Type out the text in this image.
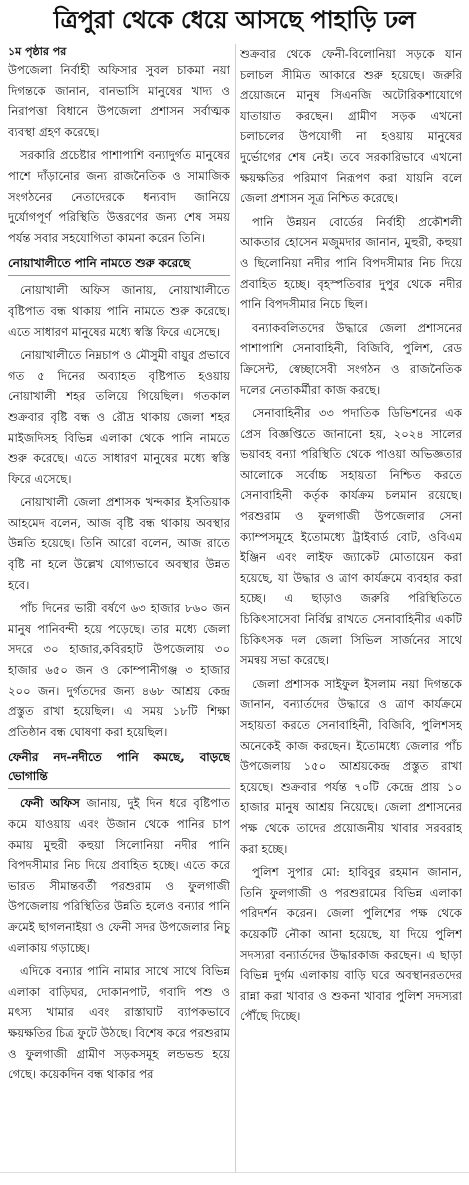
ত্রিপুরা থেকে ধেয়ে আসছে পাহাড়ি ঢল

১ম পৃষ্ঠার পর
উপজেলা নির্বাহী অফিসার সুবল চাকমা নয়া দিগন্তকে জানান, বানভাসি মানুষের খাদ্য ও নিরাপত্তা বিধানে উপজেলা প্রশাসন সর্বাত্মক ব্যবস্থা গ্রহণ করেছে।

সরকারি প্রচেষ্টার পাশাপাশি বন্যাদুর্গত মানুষের পাশে দাঁড়ানোর জন্য রাজনৈতিক ও সামাজিক সংগঠনের নেতাদেরকে ধন্যবাদ জানিয়ে দুর্যোগপূর্ণ পরিস্থিতি উত্তরণের জন্য শেষ সময় পর্যন্ত সবার সহযোগিতা কামনা করেন তিনি।

নোয়াখালীতে পানি নামতে শুরু করেছে

নোয়াখালী অফিস জানায়, নোয়াখালীতে বৃষ্টিপাত বন্ধ থাকায় পানি নামতে শুরু করেছে। এতে সাধারণ মানুষের মধ্যে স্বস্তি ফিরে এসেছে।

নোয়াখালীতে নিম্নচাপ ও মৌসুমী বায়ুর প্রভাবে গত ৫ দিনের অব্যাহত বৃষ্টিপাত হওয়ায় নোয়াখালী শহর তলিয়ে গিয়েছিল। গতকাল শুক্রবার বৃষ্টি বন্ধ ও রৌদ্র থাকায় জেলা শহর মাইজদিসহ বিভিন্ন এলাকা থেকে পানি নামতে শুরু করেছে। এতে সাধারণ মানুষের মধ্যে স্বস্তি ফিরে এসেছে।

নোয়াখালী জেলা প্রশাসক খন্দকার ইসতিয়াক আহমেদ বলেন, আজ বৃষ্টি বন্ধ থাকায় অবস্থার উন্নতি হয়েছে। তিনি আরো বলেন, আজ রাতে বৃষ্টি না হলে উল্লেখ যোগ্যভাবে অবস্থার উন্নত হবে।

পাঁচ দিনের ভারী বর্ষণে ৬৩ হাজার ৮৬০ জন মানুষ পানিবন্দী হয়ে পড়েছে। তার মধ্যে জেলা সদরে ৩০ হাজার,কবিরহাট উপজেলায় ৩০ হাজার ৬৫০ জন ও কোম্পানীগঞ্জ ৩ হাজার ২০০ জন। দুর্গতদের জন্য ৪৬৮ আশ্রয় কেন্দ্র প্রস্তুত রাখা হয়েছিল। এ সময় ১৮টি শিক্ষা প্রতিষ্ঠান বন্ধ ঘোষণা করা হয়েছিল।

ফেনীর নদ-নদীতে পানি কমছে, বাড়ছে ভোগান্তি

ফেনী অফিস জানায়, দুই দিন ধরে বৃষ্টিপাত কমে যাওয়ায় এবং উজান থেকে পানির চাপ কমায় মুহুরী কহুয়া সিলোনিয়া নদীর পানি বিপদসীমার নিচ দিয়ে প্রবাহিত হচ্ছে। এতে করে ভারত সীমান্তবর্তী পরশুরাম ও ফুলগাজী উপজেলায় পরিস্থিতির উন্নতি হলেও বন্যার পানি ক্রমেই ছাগলনাইয়া ও ফেনী সদর উপজেলার নিচু এলাকায় গড়াচ্ছে।

এদিকে বন্যার পানি নামার সাথে সাথে বিভিন্ন এলাকা বাড়িঘর, দোকানপাট, গবাদি পশু ও মৎস্য খামার এবং রাস্তাঘাট ব্যাপকভাবে ক্ষয়ক্ষতির চিত্র ফুটে উঠছে। বিশেষ করে পরশুরাম ও ফুলগাজী গ্রামীণ সড়কসমূহ লন্ডভন্ড হয়ে গেছে। কয়েকদিন বন্ধ থাকার পর

শুক্রবার থেকে ফেনী-বিলোনিয়া সড়কে যান চলাচল সীমিত আকারে শুরু হয়েছে। জরুরি প্রয়োজনে মানুষ সিএনজি অটোরিকশাযোগে যাতায়াত করছেন। গ্রামীণ সড়ক এখনো চলাচলের উপযোগী না হওয়ায় মানুষের দুর্ভোগের শেষ নেই। তবে সরকারিভাবে এখনো ক্ষয়ক্ষতির পরিমাণ নিরূপণ করা যায়নি বলে জেলা প্রশাসন সূত্র নিশ্চিত করেছে।

পানি উন্নয়ন বোর্ডের নির্বাহী প্রকৌশলী আকতার হোসেন মজুমদার জানান, মুহুরী, কহুয়া ও ছিলোনিয়া নদীর পানি বিপদসীমার নিচ দিয়ে প্রবাহিত হচ্ছে। বৃহস্পতিবার দুপুর থেকে নদীর পানি বিপদসীমার নিচে ছিল।

বন্যাকবলিতদের উদ্ধারে জেলা প্রশাসনের পাশাপাশি সেনাবাহিনী, বিজিবি, পুলিশ, রেড ক্রিসেন্ট, স্বেচ্ছাসেবী সংগঠন ও রাজনৈতিক দলের নেতাকর্মীরা কাজ করছে।

সেনাবাহিনীর ৩৩ পদাতিক ডিভিশনের এক প্রেস বিজ্ঞপ্তিতে জানানো হয়, ২০২৪ সালের ভয়াবহ বন্যা পরিস্থিতি থেকে পাওয়া অভিজ্ঞতার আলোকে সর্বোচ্চ সহায়তা নিশ্চিত করতে সেনাবাহিনী কর্তৃক কার্যক্রম চলমান রয়েছে। পরশুরাম ও ফুলগাজী উপজেলার সেনা ক্যাম্পসমূহে ইতোমধ্যে ট্রাইবার্ড বোট, ওবিএম ইঞ্জিন এবং লাইফ জ্যাকেট মোতায়েন করা হয়েছে, যা উদ্ধার ও ত্রাণ কার্যক্রমে ব্যবহার করা হচ্ছে। এ ছাড়াও জরুরি পরিস্থিতিতে চিকিৎসাসেবা নির্বিঘ্ন রাখতে সেনাবাহিনীর একটি চিকিৎসক দল জেলা সিভিল সার্জনের সাথে সমন্বয় সভা করেছে।

জেলা প্রশাসক সাইফুল ইসলাম নয়া দিগন্তকে জানান, বন্যার্তদের উদ্ধারে ও ত্রাণ কার্যক্রমে সহায়তা করতে সেনাবাহিনী, বিজিবি, পুলিশসহ অনেকেই কাজ করছেন। ইতোমধ্যে জেলার পাঁচ উপজেলায় ১৫০ আশ্রয়কেন্দ্র প্রস্তুত রাখা হয়েছে। শুক্রবার পর্যন্ত ৭০টি কেন্দ্রে প্রায় ১০ হাজার মানুষ আশ্রয় নিয়েছে। জেলা প্রশাসনের পক্ষ থেকে তাদের প্রয়োজনীয় খাবার সরবরাহ করা হচ্ছে।

পুলিশ সুপার মো: হাবিবুর রহমান জানান, তিনি ফুলগাজী ও পরশুরামের বিভিন্ন এলাকা পরিদর্শন করেন। জেলা পুলিশের পক্ষ থেকে কয়েকটি নৌকা আনা হয়েছে, যা দিয়ে পুলিশ সদস্যরা বন্যার্তদের উদ্ধারকাজ করছেন। এ ছাড়া বিভিন্ন দুর্গম এলাকায় বাড়ি ঘরে অবস্থানরতদের রান্না করা খাবার ও শুকনা খাবার পুলিশ সদস্যরা পৌঁছে দিচ্ছে।
